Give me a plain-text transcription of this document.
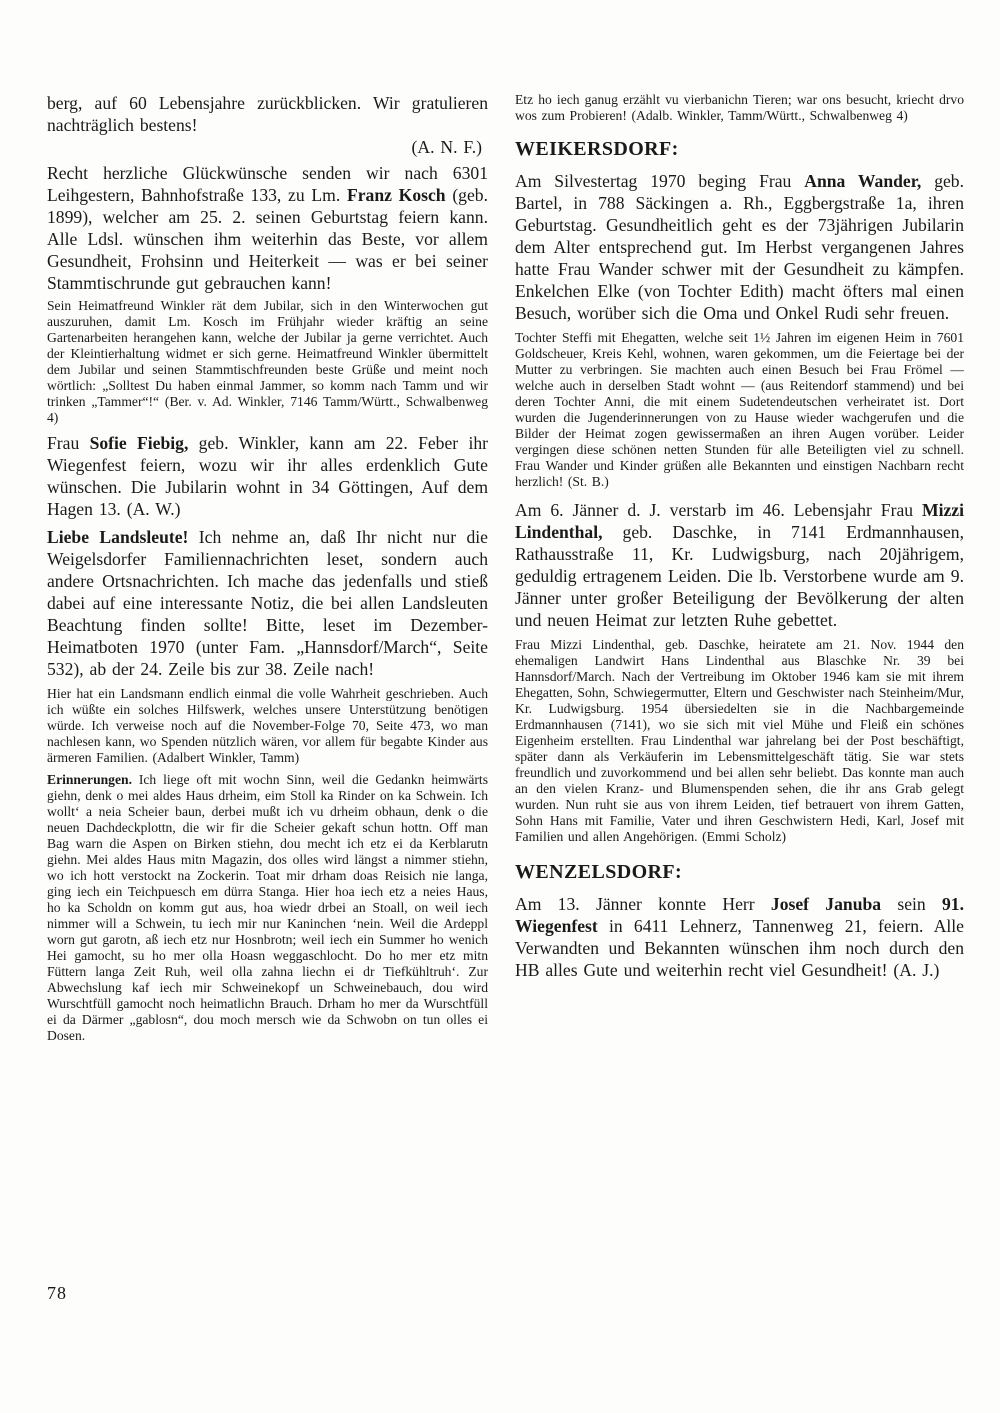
berg, auf 60 Lebensjahre zurückblicken. Wir gratulieren nachträglich bestens!
(A. N. F.)

Recht herzliche Glückwünsche senden wir nach 6301 Leihgestern, Bahnhofstraße 133, zu Lm. Franz Kosch (geb. 1899), welcher am 25. 2. seinen Geburtstag feiern kann. Alle Ldsl. wünschen ihm weiterhin das Beste, vor allem Gesundheit, Frohsinn und Heiterkeit — was er bei seiner Stammtischrunde gut gebrauchen kann!

Sein Heimatfreund Winkler rät dem Jubilar, sich in den Winterwochen gut auszuruhen, damit Lm. Kosch im Frühjahr wieder kräftig an seine Gartenarbeiten herangehen kann, welche der Jubilar ja gerne verrichtet. Auch der Kleintierhaltung widmet er sich gerne. Heimatfreund Winkler übermittelt dem Jubilar und seinen Stammtischfreunden beste Grüße und meint noch wörtlich: „Solltest Du haben einmal Jammer, so komm nach Tamm und wir trinken „Tammer“!“ (Ber. v. Ad. Winkler, 7146 Tamm/Württ., Schwalbenweg 4)

Frau Sofie Fiebig, geb. Winkler, kann am 22. Feber ihr Wiegenfest feiern, wozu wir ihr alles erdenklich Gute wünschen. Die Jubilarin wohnt in 34 Göttingen, Auf dem Hagen 13. (A. W.)

Liebe Landsleute! Ich nehme an, daß Ihr nicht nur die Weigelsdorfer Familiennachrichten leset, sondern auch andere Ortsnachrichten. Ich mache das jedenfalls und stieß dabei auf eine interessante Notiz, die bei allen Landsleuten Beachtung finden sollte! Bitte, leset im Dezember-Heimatboten 1970 (unter Fam. „Hannsdorf/March“, Seite 532), ab der 24. Zeile bis zur 38. Zeile nach!

Hier hat ein Landsmann endlich einmal die volle Wahrheit geschrieben. Auch ich wüßte ein solches Hilfswerk, welches unsere Unterstützung benötigen würde. Ich verweise noch auf die November-Folge 70, Seite 473, wo man nachlesen kann, wo Spenden nützlich wären, vor allem für begabte Kinder aus ärmeren Familien. (Adalbert Winkler, Tamm)

Erinnerungen. Ich liege oft mit wochn Sinn, weil die Gedankn heimwärts giehn, denk o mei aldes Haus drheim, eim Stoll ka Rinder on ka Schwein. Ich wollt‘ a neia Scheier baun, derbei mußt ich vu drheim obhaun, denk o die neuen Dachdeckplottn, die wir fir die Scheier gekaft schun hottn. Off man Bag warn die Aspen on Birken stiehn, dou mecht ich etz ei da Kerblarutn giehn. Mei aldes Haus mitn Magazin, dos olles wird längst a nimmer stiehn, wo ich hott verstockt na Zockerin. Toat mir drham doas Reisich nie langa, ging iech ein Teichpuesch em dürra Stanga. Hier hoa iech etz a neies Haus, ho ka Scholdn on komm gut aus, hoa wiedr drbei an Stoall, on weil iech nimmer will a Schwein, tu iech mir nur Kaninchen ‘nein. Weil die Ardeppl worn gut garotn, aß iech etz nur Hosnbrotn; weil iech ein Summer ho wenich Hei gamocht, su ho mer olla Hoasn weggaschlocht. Do ho mer etz mitn Füttern langa Zeit Ruh, weil olla zahna liechn ei dr Tiefkühltruh‘. Zur Abwechslung kaf iech mir Schweinekopf un Schweinebauch, dou wird Wurschtfüll gamocht noch heimatlichn Brauch. Drham ho mer da Wurschtfüll ei da Därmer „gablosn“, dou moch mersch wie da Schwobn on tun olles ei Dosen.

Etz ho iech ganug erzählt vu vierbanichn Tieren; war ons besucht, kriecht drvo wos zum Probieren! (Adalb. Winkler, Tamm/Württ., Schwalbenweg 4)

WEIKERSDORF:

Am Silvestertag 1970 beging Frau Anna Wander, geb. Bartel, in 788 Säckingen a. Rh., Eggbergstraße 1a, ihren Geburtstag. Gesundheitlich geht es der 73jährigen Jubilarin dem Alter entsprechend gut. Im Herbst vergangenen Jahres hatte Frau Wander schwer mit der Gesundheit zu kämpfen. Enkelchen Elke (von Tochter Edith) macht öfters mal einen Besuch, worüber sich die Oma und Onkel Rudi sehr freuen.

Tochter Steffi mit Ehegatten, welche seit 1½ Jahren im eigenen Heim in 7601 Goldscheuer, Kreis Kehl, wohnen, waren gekommen, um die Feiertage bei der Mutter zu verbringen. Sie machten auch einen Besuch bei Frau Frömel — welche auch in derselben Stadt wohnt — (aus Reitendorf stammend) und bei deren Tochter Anni, die mit einem Sudetendeutschen verheiratet ist. Dort wurden die Jugenderinnerungen von zu Hause wieder wachgerufen und die Bilder der Heimat zogen gewissermaßen an ihren Augen vorüber. Leider vergingen diese schönen netten Stunden für alle Beteiligten viel zu schnell. Frau Wander und Kinder grüßen alle Bekannten und einstigen Nachbarn recht herzlich! (St. B.)

Am 6. Jänner d. J. verstarb im 46. Lebensjahr Frau Mizzi Lindenthal, geb. Daschke, in 7141 Erdmannhausen, Rathausstraße 11, Kr. Ludwigsburg, nach 20jährigem, geduldig ertragenem Leiden. Die lb. Verstorbene wurde am 9. Jänner unter großer Beteiligung der Bevölkerung der alten und neuen Heimat zur letzten Ruhe gebettet.

Frau Mizzi Lindenthal, geb. Daschke, heiratete am 21. Nov. 1944 den ehemaligen Landwirt Hans Lindenthal aus Blaschke Nr. 39 bei Hannsdorf/March. Nach der Vertreibung im Oktober 1946 kam sie mit ihrem Ehegatten, Sohn, Schwiegermutter, Eltern und Geschwister nach Steinheim/Mur, Kr. Ludwigsburg. 1954 übersiedelten sie in die Nachbargemeinde Erdmannhausen (7141), wo sie sich mit viel Mühe und Fleiß ein schönes Eigenheim erstellten. Frau Lindenthal war jahrelang bei der Post beschäftigt, später dann als Verkäuferin im Lebensmittelgeschäft tätig. Sie war stets freundlich und zuvorkommend und bei allen sehr beliebt. Das konnte man auch an den vielen Kranz- und Blumenspenden sehen, die ihr ans Grab gelegt wurden. Nun ruht sie aus von ihrem Leiden, tief betrauert von ihrem Gatten, Sohn Hans mit Familie, Vater und ihren Geschwistern Hedi, Karl, Josef mit Familien und allen Angehörigen. (Emmi Scholz)

WENZELSDORF:

Am 13. Jänner konnte Herr Josef Januba sein 91. Wiegenfest in 6411 Lehnerz, Tannenweg 21, feiern. Alle Verwandten und Bekannten wünschen ihm noch durch den HB alles Gute und weiterhin recht viel Gesundheit! (A. J.)

78
